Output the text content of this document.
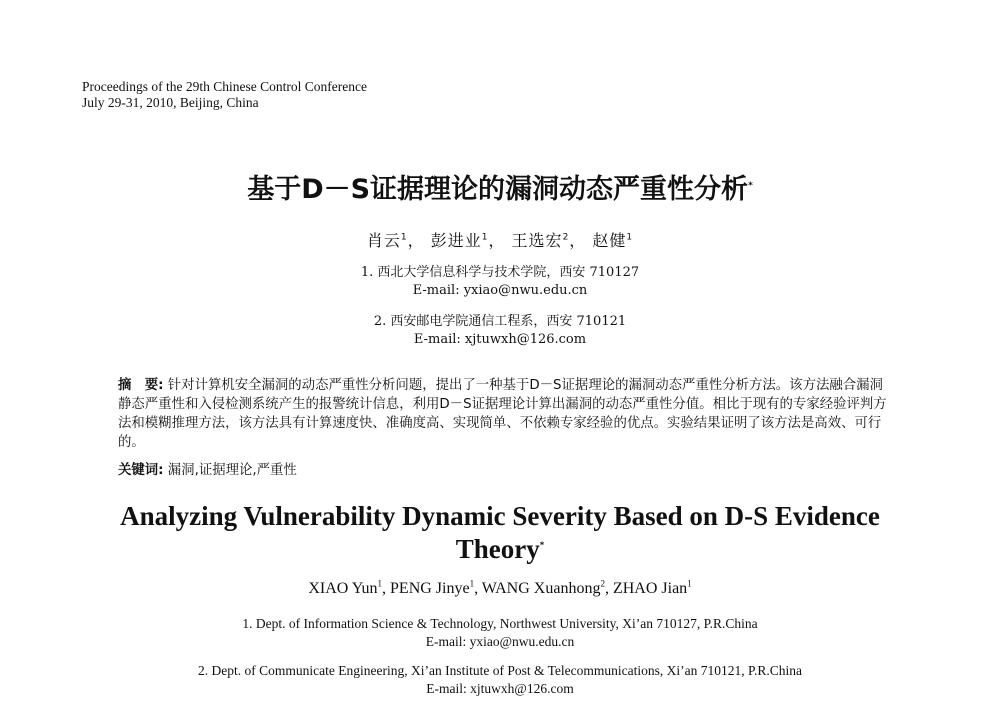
Proceedings of the 29th Chinese Control Conference
July 29-31, 2010, Beijing, China
基于D－S证据理论的漏洞动态严重性分析*
肖云$^1$， 彭进业$^1$， 王选宏$^2$， 赵健$^1$
1. 西北大学信息科学与技术学院，西安 710127
E-mail: yxiao@nwu.edu.cn
2. 西安邮电学院通信工程系，西安 710121
E-mail: xjtuwxh@126.com
摘　要: 针对计算机安全漏洞的动态严重性分析问题，提出了一种基于D－S证据理论的漏洞动态严重性分析方法。该方法融合漏洞静态严重性和入侵检测系统产生的报警统计信息，利用D－S证据理论计算出漏洞的动态严重性分值。相比于现有的专家经验评判方法和模糊推理方法，该方法具有计算速度快、准确度高、实现简单、不依赖专家经验的优点。实验结果证明了该方法是高效、可行的。
关键词: 漏洞,证据理论,严重性
Analyzing Vulnerability Dynamic Severity Based on D-S Evidence
Theory*
XIAO Yun$^1$, PENG Jinye$^1$, WANG Xuanhong$^2$, ZHAO Jian$^1$
1. Dept. of Information Science & Technology, Northwest University, Xi’an 710127, P.R.China
E-mail: yxiao@nwu.edu.cn
2. Dept. of Communicate Engineering, Xi’an Institute of Post & Telecommunications, Xi’an 710121, P.R.China
E-mail: xjtuwxh@126.com
